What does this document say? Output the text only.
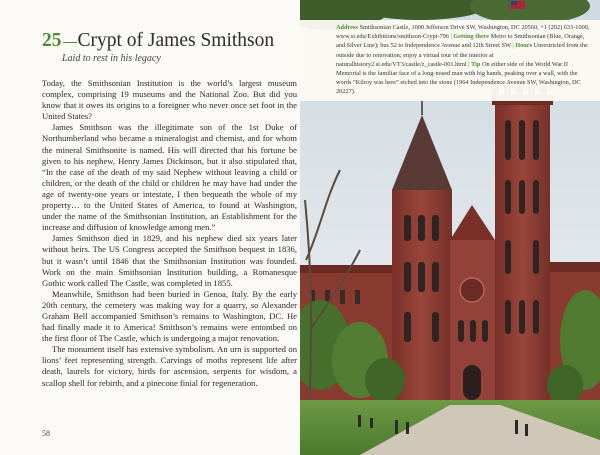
25 Crypt of James Smithson
Laid to rest in his legacy

Today, the Smithsonian Institution is the world’s largest museum complex, comprising 19 museums and the National Zoo. But did you know that it owes its origins to a foreigner who never once set foot in the United States?

James Smithson was the illegitimate son of the 1st Duke of Northumberland who became a mineralogist and chemist, and for whom the mineral Smithsonite is named. His will directed that his fortune be given to his nephew, Henry James Dickinson, but it also stipulated that, “In the case of the death of my said Nephew without leaving a child or children, or the death of the child or children he may have had under the age of twenty-one years or intestate, I then bequeath the whole of my property… to the United States of America, to found at Washington, under the name of the Smithsonian Institution, an Establishment for the increase and diffusion of knowledge among men.”

James Smithson died in 1829, and his nephew died six years later without heirs. The US Congress accepted the Smithson bequest in 1836, but it wasn’t until 1846 that the Smithsonian Institution was founded. Work on the main Smithsonian Institution building, a Romanesque Gothic work called The Castle, was completed in 1855.

Meanwhile, Smithson had been buried in Genoa, Italy. By the early 20th century, the cemetery was making way for a quarry, so Alexander Graham Bell accompanied Smithson’s remains to Washington, DC. He had finally made it to America! Smithson’s remains were entombed on the first floor of The Castle, which is undergoing a major renovation.

The monument itself has extensive symbolism. An urn is supported on lions’ feet representing strength. Carvings of moths represent life after death, laurels for victory, birds for ascension, serpents for wisdom, a scallop shell for rebirth, and a pinecone finial for regeneration.

58
Address Smithsonian Castle, 1000 Jefferson Drive SW, Washington, DC 20560, +1 (202) 633-1000, www.si.edu/Exhibitions/smithson-Crypt-796 | Getting there Metro to Smithsonian (Blue, Orange, and Silver Line); bus 52 to Independence Avenue and 12th Street SW | Hours Unrestricted from the outside due to renovation; enjoy a virtual tour of the interior at naturalhistory2.si.edu/VT3/castle/z_castle-001.html | Tip On either side of the World War II Memorial is the familiar face of a long-nosed man with big hands, peaking over a wall, with the words “Kilroy was here” etched into the stone (1964 Independence Avenue SW, Washington, DC 20227).
